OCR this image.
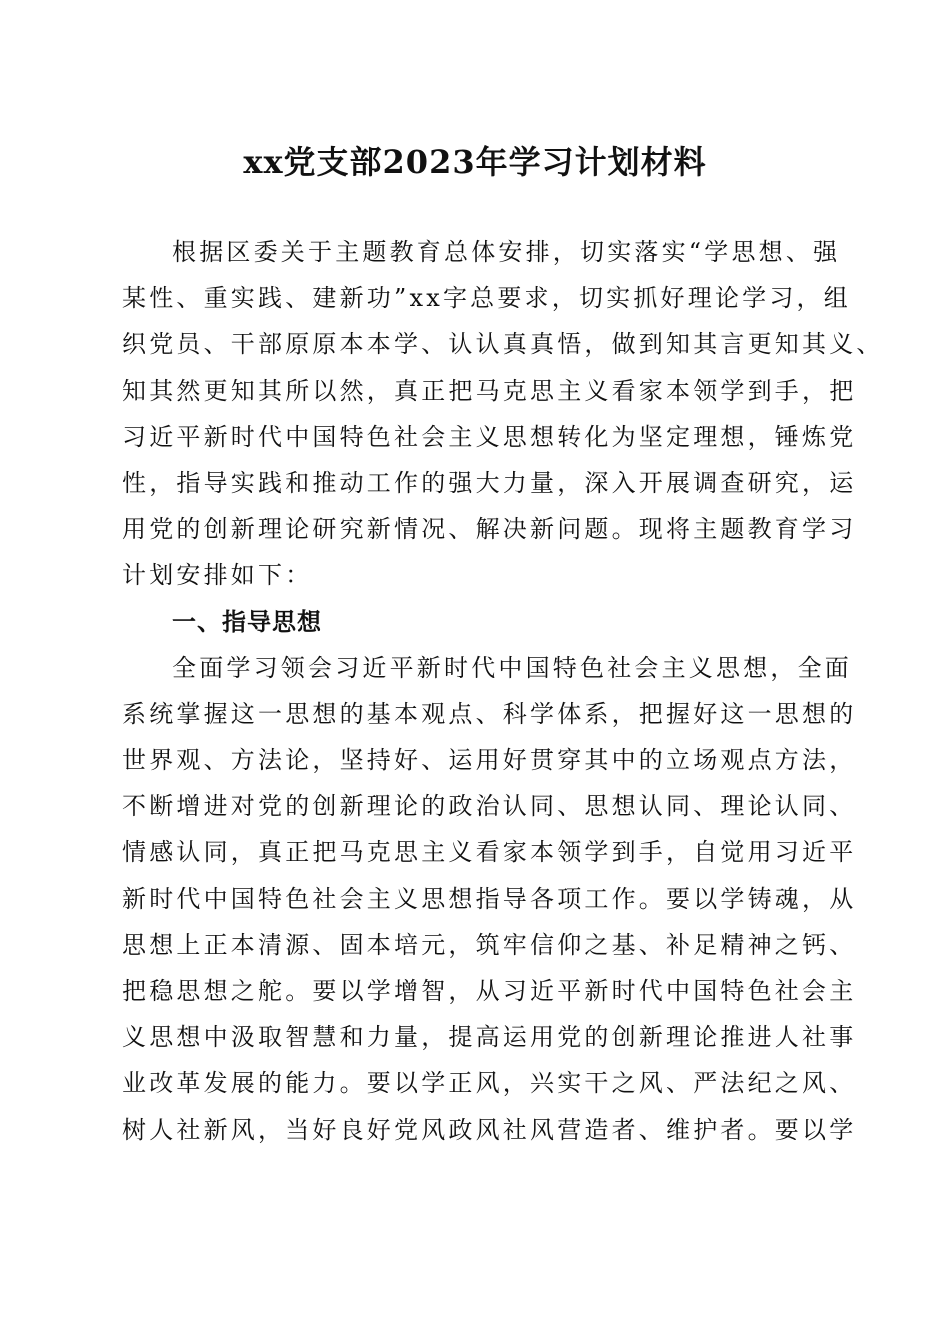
xx党支部2023年学习计划材料
根据区委关于主题教育总体安排，切实落实“学思想、强
某性、重实践、建新功”xx字总要求，切实抓好理论学习，组
织党员、干部原原本本学、认认真真悟，做到知其言更知其义、
知其然更知其所以然，真正把马克思主义看家本领学到手，把
习近平新时代中国特色社会主义思想转化为坚定理想，锤炼党
性，指导实践和推动工作的强大力量，深入开展调查研究，运
用党的创新理论研究新情况、解决新问题。现将主题教育学习
计划安排如下：
一、指导思想
全面学习领会习近平新时代中国特色社会主义思想，全面
系统掌握这一思想的基本观点、科学体系，把握好这一思想的
世界观、方法论，坚持好、运用好贯穿其中的立场观点方法，
不断增进对党的创新理论的政治认同、思想认同、理论认同、
情感认同，真正把马克思主义看家本领学到手，自觉用习近平
新时代中国特色社会主义思想指导各项工作。要以学铸魂，从
思想上正本清源、固本培元，筑牢信仰之基、补足精神之钙、
把稳思想之舵。要以学增智，从习近平新时代中国特色社会主
义思想中汲取智慧和力量，提高运用党的创新理论推进人社事
业改革发展的能力。要以学正风，兴实干之风、严法纪之风、
树人社新风，当好良好党风政风社风营造者、维护者。要以学
